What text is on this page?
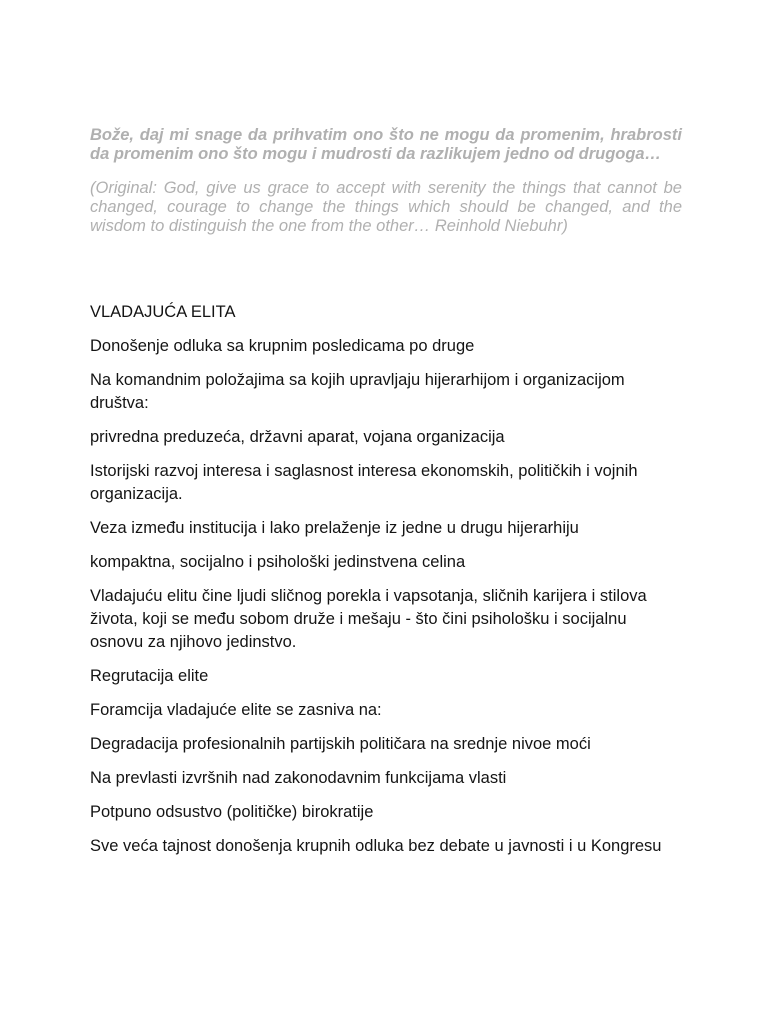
Bože, daj mi snage da prihvatim ono što ne mogu da promenim, hrabrosti da promenim ono što mogu i mudrosti da razlikujem jedno od drugoga…

(Original: God, give us grace to accept with serenity the things that cannot be changed, courage to change the things which should be changed, and the wisdom to distinguish the one from the other… Reinhold Niebuhr)

VLADAJUĆA ELITA

Donošenje odluka sa krupnim posledicama po druge

Na komandnim položajima sa kojih upravljaju hijerarhijom i organizacijom društva:

privredna preduzeća, državni aparat, vojana organizacija

Istorijski razvoj interesa i saglasnost interesa ekonomskih, političkih i vojnih organizacija.

Veza između institucija i lako prelaženje iz jedne u drugu hijerarhiju

kompaktna, socijalno i psihološki jedinstvena celina

Vladajuću elitu čine ljudi sličnog porekla i vapsotanja, sličnih karijera i stilova života, koji se među sobom druže i mešaju - što čini psihološku i socijalnu osnovu za njihovo jedinstvo.

Regrutacija elite

Foramcija vladajuće elite se zasniva na:

Degradacija profesionalnih partijskih političara na srednje nivoe moći

Na prevlasti izvršnih nad zakonodavnim funkcijama vlasti

Potpuno odsustvo (političke) birokratije

Sve veća tajnost donošenja krupnih odluka bez debate u javnosti i u Kongresu
